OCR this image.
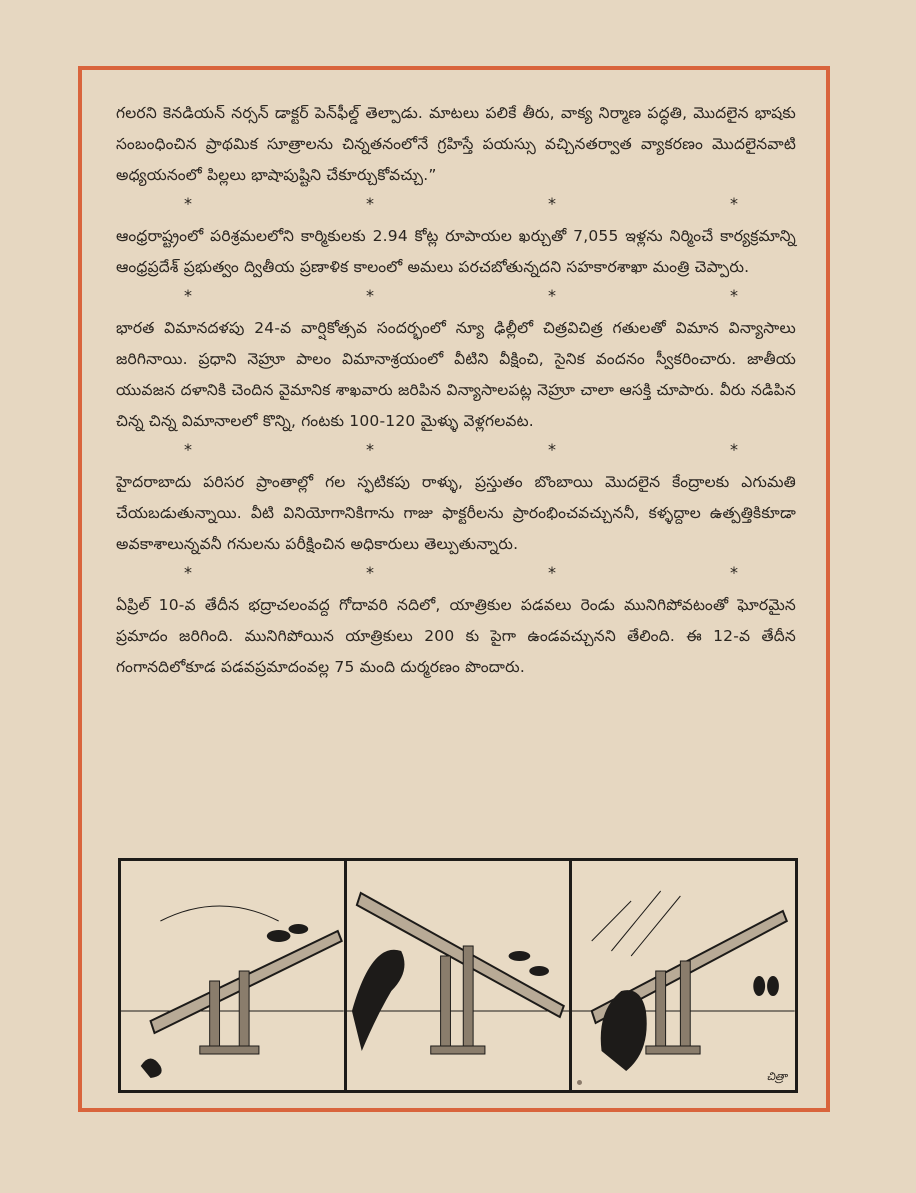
గలరని కెనడియన్ నర్సన్ డాక్టర్ పెన్‌ఫీల్డ్ తెల్పాడు. మాటలు పలికే తీరు, వాక్య నిర్మాణ పద్ధతి, మొదలైన భాషకు సంబంధించిన ప్రాథమిక సూత్రాలను చిన్నతనంలోనే గ్రహిస్తే పయస్సు వచ్చినతర్వాత వ్యాకరణం మొదలైనవాటి అధ్యయనంలో పిల్లలు భాషాపుష్టిని చేకూర్చుకోవచ్చు.”

*	*	*	*

ఆంధ్రరాష్ట్రంలో పరిశ్రమలలోని కార్మికులకు 2.94 కోట్ల రూపాయల ఖర్చుతో 7,055 ఇళ్లను నిర్మించే కార్యక్రమాన్ని ఆంధ్రప్రదేశ్ ప్రభుత్వం ద్వితీయ ప్రణాళిక కాలంలో అమలు పరచబోతున్నదని సహకారశాఖా మంత్రి చెప్పారు.

*	*	*	*

భారత విమానదళపు 24-వ వార్షికోత్సవ సందర్భంలో న్యూ ఢిల్లీలో చిత్రవిచిత్ర గతులతో విమాన విన్యాసాలు జరిగినాయి. ప్రధాని నెహ్రూ పాలం విమానాశ్రయంలో వీటిని వీక్షించి, సైనిక వందనం స్వీకరించారు. జాతీయ యువజన దళానికి చెందిన వైమానిక శాఖవారు జరిపిన విన్యాసాలపట్ల నెహ్రూ చాలా ఆసక్తి చూపారు. వీరు నడిపిన చిన్న చిన్న విమానాలలో కొన్ని, గంటకు 100-120 మైళ్ళు వెళ్లగలవట.

*	*	*	*

హైదరాబాదు పరిసర ప్రాంతాల్లో గల స్ఫటికపు రాళ్ళు, ప్రస్తుతం బొంబాయి మొదలైన కేంద్రాలకు ఎగుమతి చేయబడుతున్నాయి. వీటి వినియోగానికిగాను గాజు ఫాక్టరీలను ప్రారంభించవచ్చుననీ, కళ్ళద్దాల ఉత్పత్తికికూడా అవకాశాలున్నవనీ గనులను పరీక్షించిన అధికారులు తెల్పుతున్నారు.

*	*	*	*

ఏప్రిల్ 10-వ తేదీన భద్రాచలంవద్ద గోదావరి నదిలో, యాత్రికుల పడవలు రెండు మునిగిపోవటంతో ఘోరమైన ప్రమాదం జరిగింది. మునిగిపోయిన యాత్రికులు 200 కు పైగా ఉండవచ్చునని తేలింది. ఈ 12-వ తేదీన గంగానదిలోకూడ పడవప్రమాదంవల్ల 75 మంది దుర్మరణం పొందారు.

చిత్రా
